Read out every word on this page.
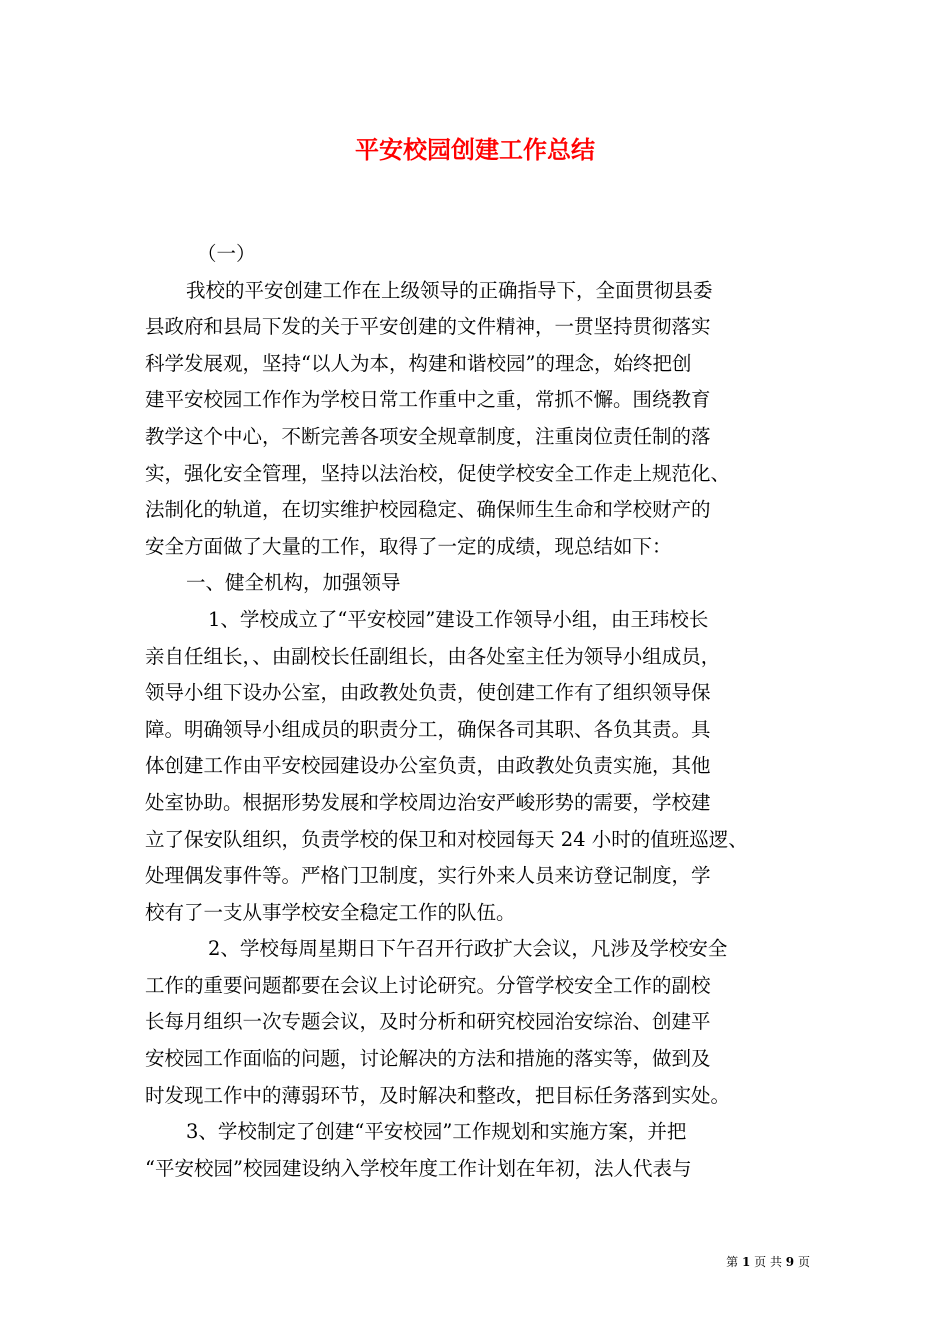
平安校园创建工作总结
（一）
我校的平安创建工作在上级领导的正确指导下，全面贯彻县委
县政府和县局下发的关于平安创建的文件精神，一贯坚持贯彻落实
科学发展观，坚持“以人为本，构建和谐校园”的理念，始终把创
建平安校园工作作为学校日常工作重中之重，常抓不懈。围绕教育
教学这个中心，不断完善各项安全规章制度，注重岗位责任制的落
实，强化安全管理，坚持以法治校，促使学校安全工作走上规范化、
法制化的轨道，在切实维护校园稳定、确保师生生命和学校财产的
安全方面做了大量的工作，取得了一定的成绩，现总结如下：
一、健全机构，加强领导
1、学校成立了“平安校园”建设工作领导小组，由王玮校长
亲自任组长，、由副校长任副组长，由各处室主任为领导小组成员，
领导小组下设办公室，由政教处负责，使创建工作有了组织领导保
障。明确领导小组成员的职责分工，确保各司其职、各负其责。具
体创建工作由平安校园建设办公室负责，由政教处负责实施，其他
处室协助。根据形势发展和学校周边治安严峻形势的需要，学校建
立了保安队组织，负责学校的保卫和对校园每天 24 小时的值班巡逻、
处理偶发事件等。严格门卫制度，实行外来人员来访登记制度，学
校有了一支从事学校安全稳定工作的队伍。
2、学校每周星期日下午召开行政扩大会议，凡涉及学校安全
工作的重要问题都要在会议上讨论研究。分管学校安全工作的副校
长每月组织一次专题会议，及时分析和研究校园治安综治、创建平
安校园工作面临的问题，讨论解决的方法和措施的落实等，做到及
时发现工作中的薄弱环节，及时解决和整改，把目标任务落到实处。
3、学校制定了创建“平安校园”工作规划和实施方案，并把
“平安校园”校园建设纳入学校年度工作计划在年初，法人代表与
第 1 页 共 9 页
